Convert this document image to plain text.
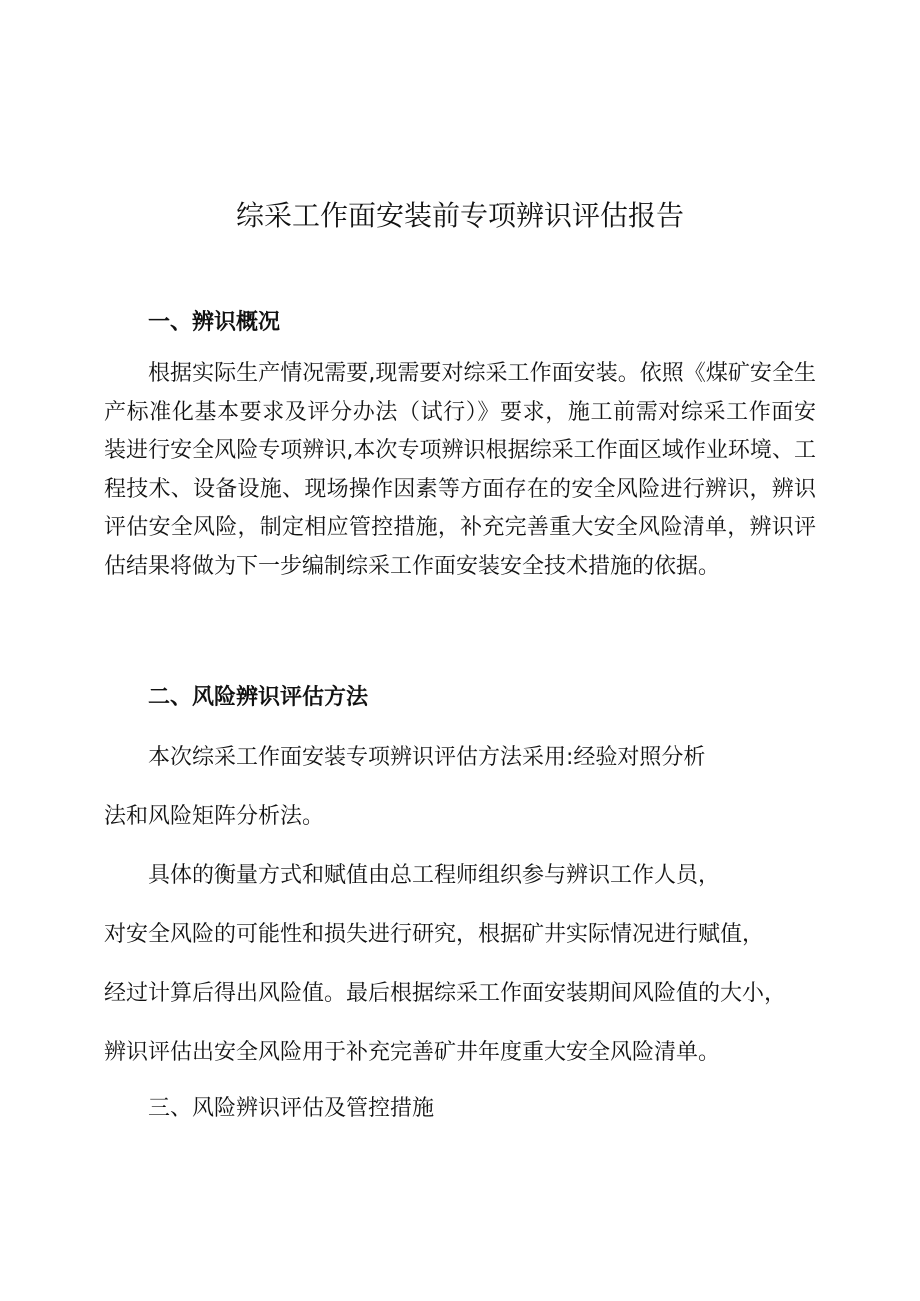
综采工作面安装前专项辨识评估报告
一、辨识概况
根据实际生产情况需要,现需要对综采工作面安装。依照《煤矿安全生产标准化基本要求及评分办法（试行）》要求，施工前需对综采工作面安装进行安全风险专项辨识,本次专项辨识根据综采工作面区域作业环境、工程技术、设备设施、现场操作因素等方面存在的安全风险进行辨识，辨识评估安全风险，制定相应管控措施，补充完善重大安全风险清单，辨识评估结果将做为下一步编制综采工作面安装安全技术措施的依据。
二、风险辨识评估方法
本次综采工作面安装专项辨识评估方法采用:经验对照分析
法和风险矩阵分析法。
具体的衡量方式和赋值由总工程师组织参与辨识工作人员，
对安全风险的可能性和损失进行研究，根据矿井实际情况进行赋值，
经过计算后得出风险值。最后根据综采工作面安装期间风险值的大小，
辨识评估出安全风险用于补充完善矿井年度重大安全风险清单。
三、风险辨识评估及管控措施
